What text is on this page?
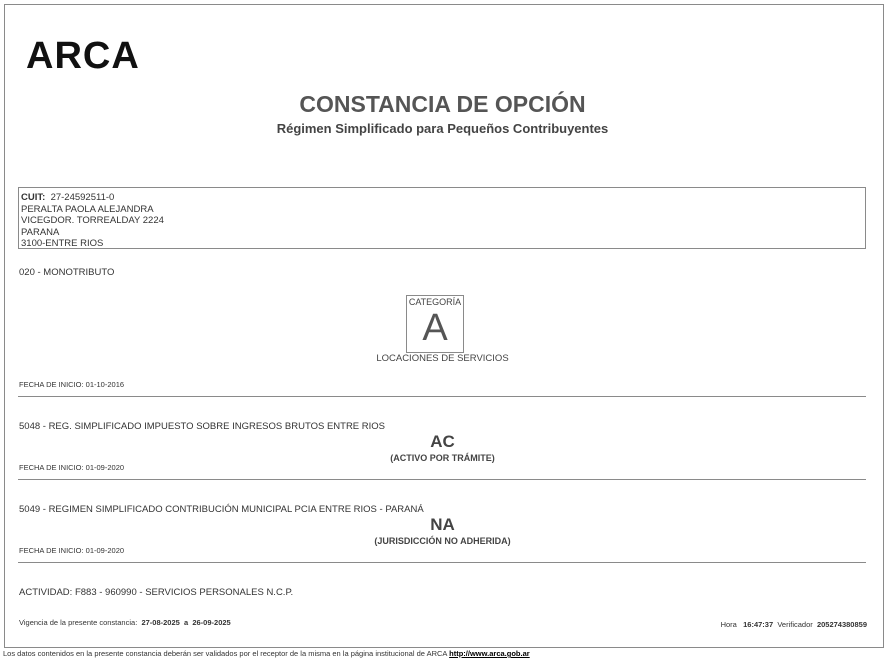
ARCA
CONSTANCIA DE OPCIÓN
Régimen Simplificado para Pequeños Contribuyentes
CUIT: 27-24592511-0
PERALTA PAOLA ALEJANDRA
VICEGDOR. TORREALDAY 2224
PARANA
3100-ENTRE RIOS
020 - MONOTRIBUTO
CATEGORÍA
A
LOCACIONES DE SERVICIOS
FECHA DE INICIO: 01-10-2016
5048 - REG. SIMPLIFICADO IMPUESTO SOBRE INGRESOS BRUTOS ENTRE RIOS
AC
(ACTIVO POR TRÁMITE)
FECHA DE INICIO: 01-09-2020
5049 - REGIMEN SIMPLIFICADO CONTRIBUCIÓN MUNICIPAL PCIA ENTRE RIOS - PARANÁ
NA
(JURISDICCIÓN NO ADHERIDA)
FECHA DE INICIO: 01-09-2020
ACTIVIDAD: F883 - 960990 - SERVICIOS PERSONALES N.C.P.
Vigencia de la presente constancia: 27-08-2025 a 26-09-2025	Hora 16:47:37 Verificador 205274380859
Los datos contenidos en la presente constancia deberán ser validados por el receptor de la misma en la página institucional de ARCA http://www.arca.gob.ar
